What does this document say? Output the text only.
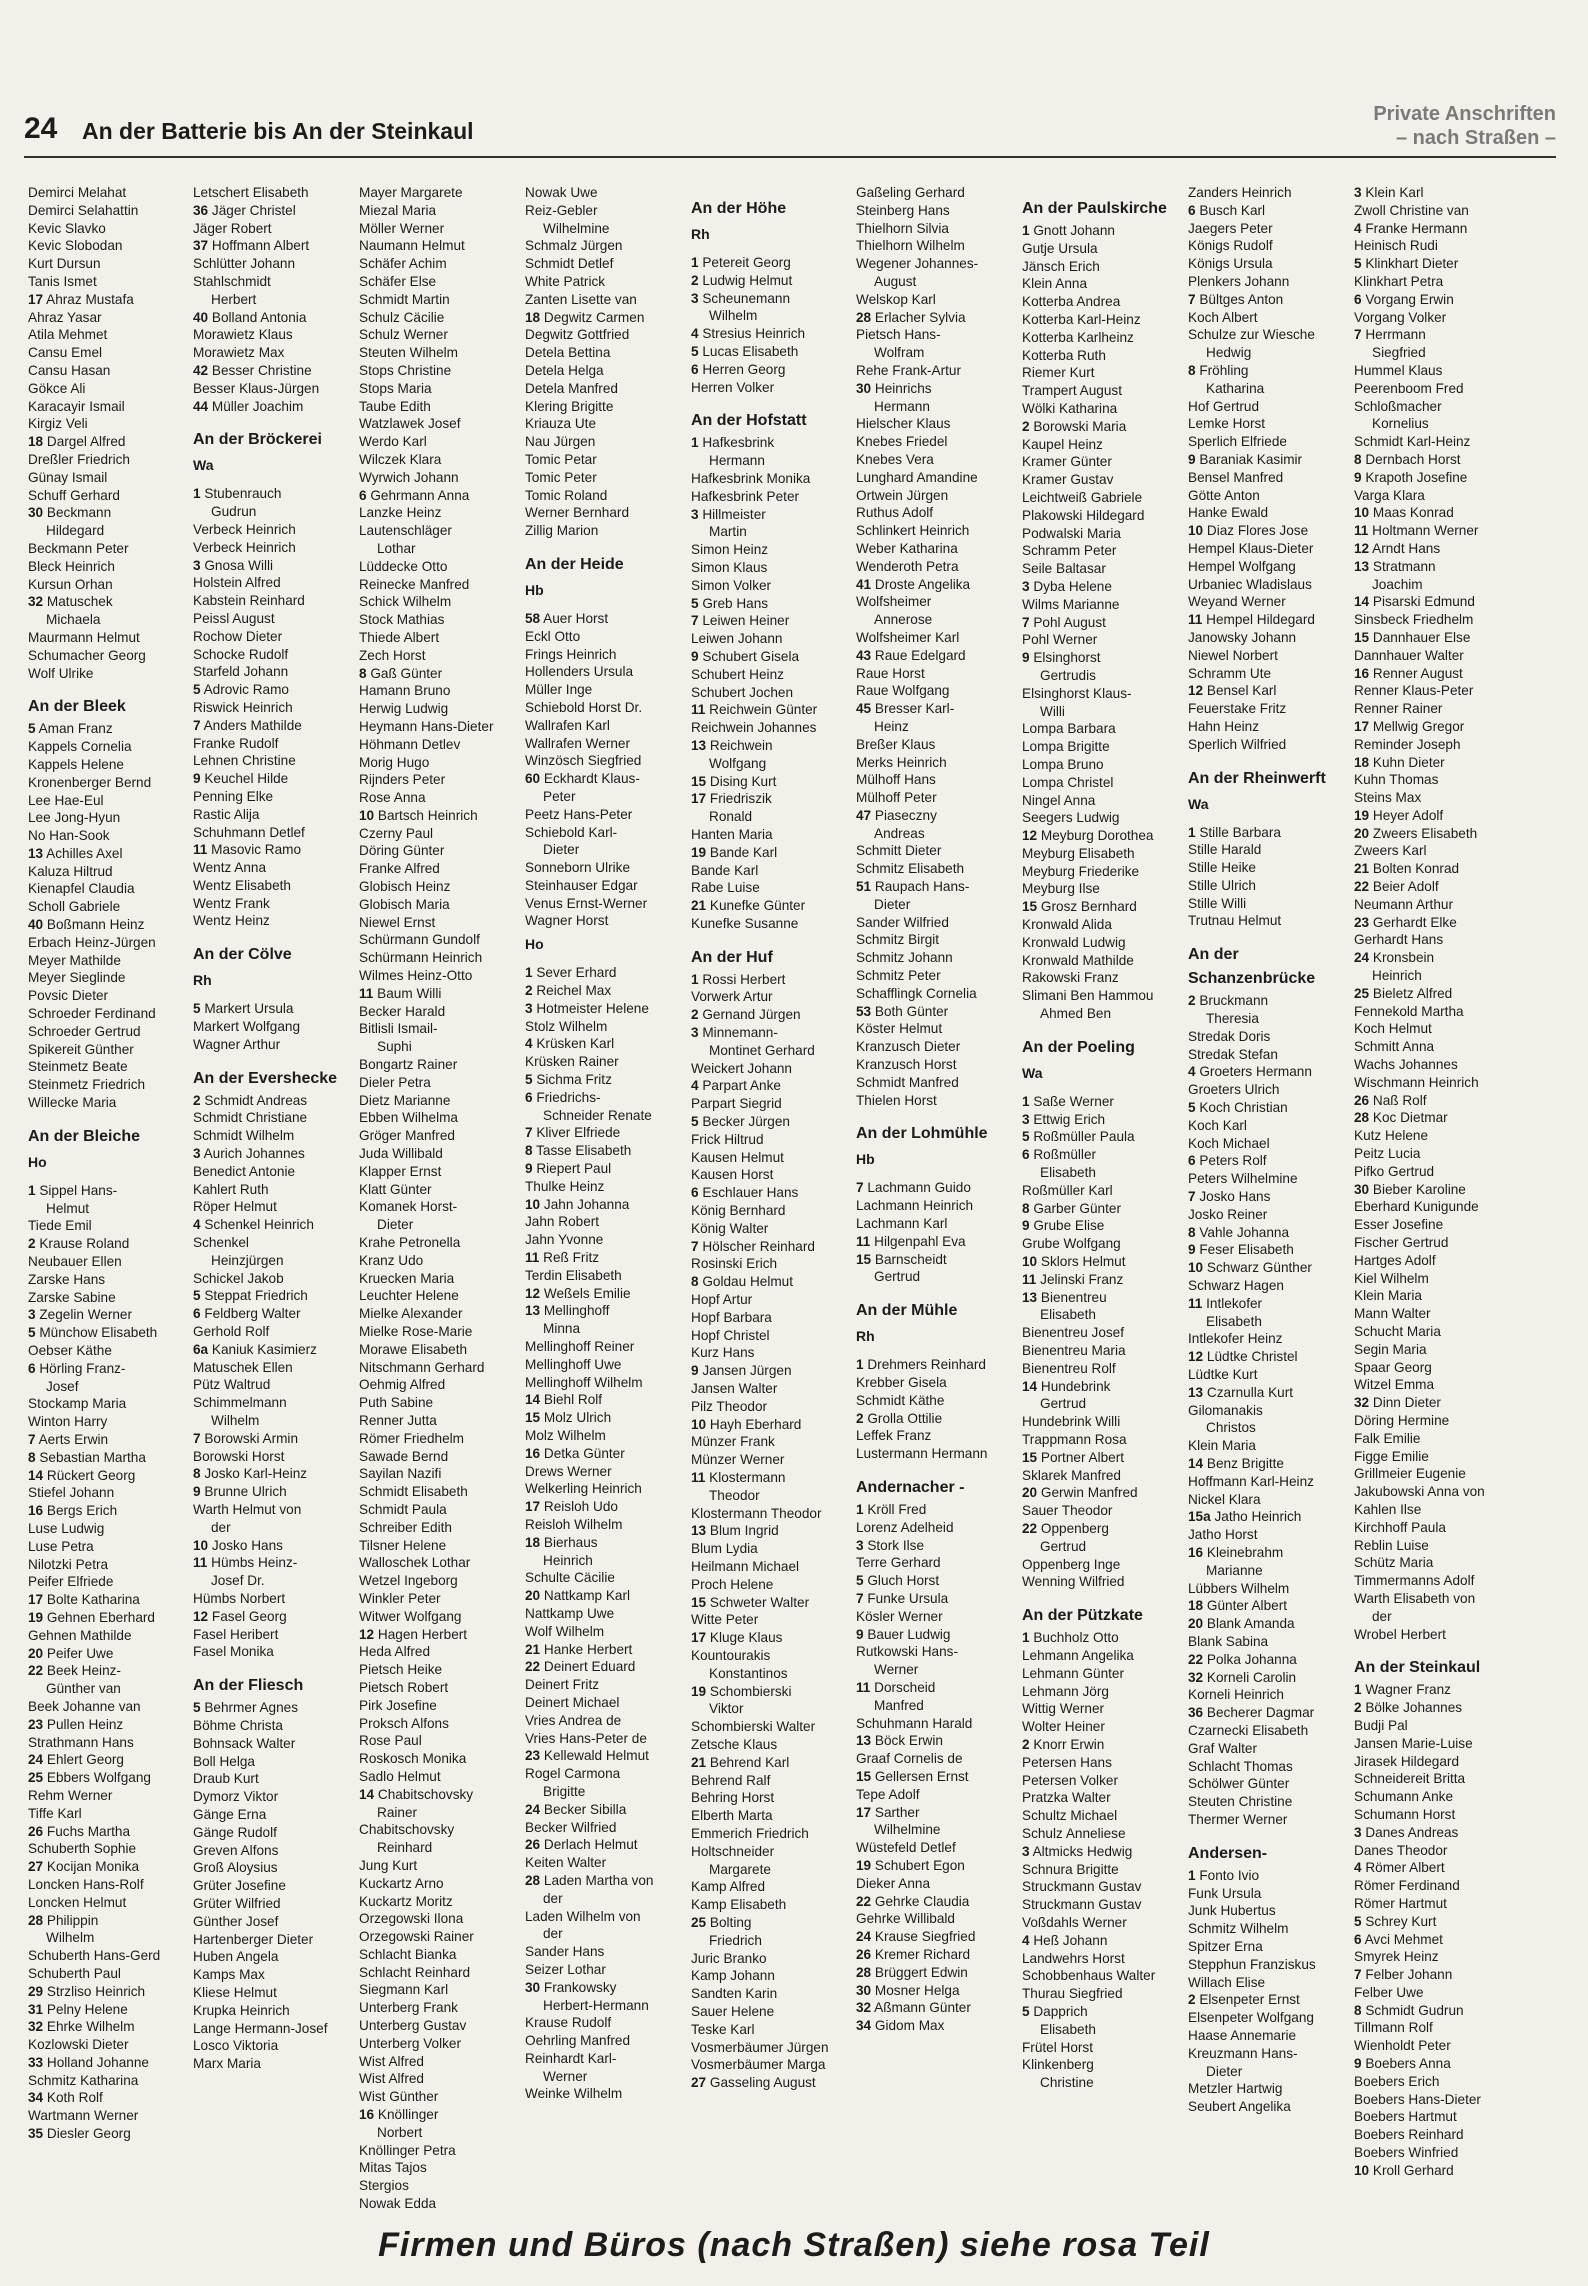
24 An der Batterie bis An der Steinkaul
Private Anschriften
– nach Straßen –
Demirci Melahat
Demirci Selahattin
Kevic Slavko
Kevic Slobodan
Kurt Dursun
Tanis Ismet
17 Ahraz Mustafa
Ahraz Yasar
Atila Mehmet
Cansu Emel
Cansu Hasan
Gökce Ali
Karacayir Ismail
Kirgiz Veli
18 Dargel Alfred
Dreßler Friedrich
Günay Ismail
Schuff Gerhard
30 Beckmann
Hildegard
Beckmann Peter
Bleck Heinrich
Kursun Orhan
32 Matuschek
Michaela
Maurmann Helmut
Schumacher Georg
Wolf Ulrike
An der Bleek
5 Aman Franz
Kappels Cornelia
Kappels Helene
Kronenberger Bernd
Lee Hae-Eul
Lee Jong-Hyun
No Han-Sook
13 Achilles Axel
Kaluza Hiltrud
Kienapfel Claudia
Scholl Gabriele
40 Boßmann Heinz
Erbach Heinz-Jürgen
Meyer Mathilde
Meyer Sieglinde
Povsic Dieter
Schroeder Ferdinand
Schroeder Gertrud
Spikereit Günther
Steinmetz Beate
Steinmetz Friedrich
Willecke Maria
An der Bleiche
Ho
1 Sippel Hans-
Helmut
Tiede Emil
2 Krause Roland
Neubauer Ellen
Zarske Hans
Zarske Sabine
3 Zegelin Werner
5 Münchow Elisabeth
Oebser Käthe
6 Hörling Franz-
Josef
Stockamp Maria
Winton Harry
7 Aerts Erwin
8 Sebastian Martha
14 Rückert Georg
Stiefel Johann
16 Bergs Erich
Luse Ludwig
Luse Petra
Nilotzki Petra
Peifer Elfriede
17 Bolte Katharina
19 Gehnen Eberhard
Gehnen Mathilde
20 Peifer Uwe
22 Beek Heinz-
Günther van
Beek Johanne van
23 Pullen Heinz
Strathmann Hans
24 Ehlert Georg
25 Ebbers Wolfgang
Rehm Werner
Tiffe Karl
26 Fuchs Martha
Schuberth Sophie
27 Kocijan Monika
Loncken Hans-Rolf
Loncken Helmut
28 Philippin
Wilhelm
Schuberth Hans-Gerd
Schuberth Paul
29 Strzliso Heinrich
31 Pelny Helene
32 Ehrke Wilhelm
Kozlowski Dieter
33 Holland Johanne
Schmitz Katharina
34 Koth Rolf
Wartmann Werner
35 Diesler Georg
Letschert Elisabeth
36 Jäger Christel
Jäger Robert
37 Hoffmann Albert
Schlütter Johann
Stahlschmidt
Herbert
40 Bolland Antonia
Morawietz Klaus
Morawietz Max
42 Besser Christine
Besser Klaus-Jürgen
44 Müller Joachim
An der Bröckerei
Wa
1 Stubenrauch
Gudrun
Verbeck Heinrich
Verbeck Heinrich
3 Gnosa Willi
Holstein Alfred
Kabstein Reinhard
Peissl August
Rochow Dieter
Schocke Rudolf
Starfeld Johann
5 Adrovic Ramo
Riswick Heinrich
7 Anders Mathilde
Franke Rudolf
Lehnen Christine
9 Keuchel Hilde
Penning Elke
Rastic Alija
Schuhmann Detlef
11 Masovic Ramo
Wentz Anna
Wentz Elisabeth
Wentz Frank
Wentz Heinz
An der Cölve
Rh
5 Markert Ursula
Markert Wolfgang
Wagner Arthur
An der Evershecke
2 Schmidt Andreas
Schmidt Christiane
Schmidt Wilhelm
3 Aurich Johannes
Benedict Antonie
Kahlert Ruth
Röper Helmut
4 Schenkel Heinrich
Schenkel
Heinzjürgen
Schickel Jakob
5 Steppat Friedrich
6 Feldberg Walter
Gerhold Rolf
6a Kaniuk Kasimierz
Matuschek Ellen
Pütz Waltrud
Schimmelmann
Wilhelm
7 Borowski Armin
Borowski Horst
8 Josko Karl-Heinz
9 Brunne Ulrich
Warth Helmut von
der
10 Josko Hans
11 Hümbs Heinz-
Josef Dr.
Hümbs Norbert
12 Fasel Georg
Fasel Heribert
Fasel Monika
An der Fliesch
5 Behrmer Agnes
Böhme Christa
Bohnsack Walter
Boll Helga
Draub Kurt
Dymorz Viktor
Gänge Erna
Gänge Rudolf
Greven Alfons
Groß Aloysius
Grüter Josefine
Grüter Wilfried
Günther Josef
Hartenberger Dieter
Huben Angela
Kamps Max
Kliese Helmut
Krupka Heinrich
Lange Hermann-Josef
Losco Viktoria
Marx Maria
Mayer Margarete
Miezal Maria
Möller Werner
Naumann Helmut
Schäfer Achim
Schäfer Else
Schmidt Martin
Schulz Cäcilie
Schulz Werner
Steuten Wilhelm
Stops Christine
Stops Maria
Taube Edith
Watzlawek Josef
Werdo Karl
Wilczek Klara
Wyrwich Johann
6 Gehrmann Anna
Lanzke Heinz
Lautenschläger
Lothar
Lüddecke Otto
Reinecke Manfred
Schick Wilhelm
Stock Mathias
Thiede Albert
Zech Horst
8 Gaß Günter
Hamann Bruno
Herwig Ludwig
Heymann Hans-Dieter
Höhmann Detlev
Morig Hugo
Rijnders Peter
Rose Anna
10 Bartsch Heinrich
Czerny Paul
Döring Günter
Franke Alfred
Globisch Heinz
Globisch Maria
Niewel Ernst
Schürmann Gundolf
Schürmann Heinrich
Wilmes Heinz-Otto
11 Baum Willi
Becker Harald
Bitlisli Ismail-
Suphi
Bongartz Rainer
Dieler Petra
Dietz Marianne
Ebben Wilhelma
Gröger Manfred
Juda Willibald
Klapper Ernst
Klatt Günter
Komanek Horst-
Dieter
Krahe Petronella
Kranz Udo
Kruecken Maria
Leuchter Helene
Mielke Alexander
Mielke Rose-Marie
Morawe Elisabeth
Nitschmann Gerhard
Oehmig Alfred
Puth Sabine
Renner Jutta
Römer Friedhelm
Sawade Bernd
Sayilan Nazifi
Schmidt Elisabeth
Schmidt Paula
Schreiber Edith
Tilsner Helene
Walloschek Lothar
Wetzel Ingeborg
Winkler Peter
Witwer Wolfgang
12 Hagen Herbert
Heda Alfred
Pietsch Heike
Pietsch Robert
Pirk Josefine
Proksch Alfons
Rose Paul
Roskosch Monika
Sadlo Helmut
14 Chabitschovsky
Rainer
Chabitschovsky
Reinhard
Jung Kurt
Kuckartz Arno
Kuckartz Moritz
Orzegowski Ilona
Orzegowski Rainer
Schlacht Bianka
Schlacht Reinhard
Siegmann Karl
Unterberg Frank
Unterberg Gustav
Unterberg Volker
Wist Alfred
Wist Alfred
Wist Günther
16 Knöllinger
Norbert
Knöllinger Petra
Mitas Tajos
Stergios
Nowak Edda
Nowak Uwe
Reiz-Gebler
Wilhelmine
Schmalz Jürgen
Schmidt Detlef
White Patrick
Zanten Lisette van
18 Degwitz Carmen
Degwitz Gottfried
Detela Bettina
Detela Helga
Detela Manfred
Klering Brigitte
Kriauza Ute
Nau Jürgen
Tomic Petar
Tomic Peter
Tomic Roland
Werner Bernhard
Zillig Marion
An der Heide
Hb
58 Auer Horst
Eckl Otto
Frings Heinrich
Hollenders Ursula
Müller Inge
Schiebold Horst Dr.
Wallrafen Karl
Wallrafen Werner
Winzösch Siegfried
60 Eckhardt Klaus-
Peter
Peetz Hans-Peter
Schiebold Karl-
Dieter
Sonneborn Ulrike
Steinhauser Edgar
Venus Ernst-Werner
Wagner Horst
Ho
1 Sever Erhard
2 Reichel Max
3 Hotmeister Helene
Stolz Wilhelm
4 Krüsken Karl
Krüsken Rainer
5 Sichma Fritz
6 Friedrichs-
Schneider Renate
7 Kliver Elfriede
8 Tasse Elisabeth
9 Riepert Paul
Thulke Heinz
10 Jahn Johanna
Jahn Robert
Jahn Yvonne
11 Reß Fritz
Terdin Elisabeth
12 Weßels Emilie
13 Mellinghoff
Minna
Mellinghoff Reiner
Mellinghoff Uwe
Mellinghoff Wilhelm
14 Biehl Rolf
15 Molz Ulrich
Molz Wilhelm
16 Detka Günter
Drews Werner
Welkerling Heinrich
17 Reisloh Udo
Reisloh Wilhelm
18 Bierhaus
Heinrich
Schulte Cäcilie
20 Nattkamp Karl
Nattkamp Uwe
Wolf Wilhelm
21 Hanke Herbert
22 Deinert Eduard
Deinert Fritz
Deinert Michael
Vries Andrea de
Vries Hans-Peter de
23 Kellewald Helmut
Rogel Carmona
Brigitte
24 Becker Sibilla
Becker Wilfried
26 Derlach Helmut
Keiten Walter
28 Laden Martha von
der
Laden Wilhelm von
der
Sander Hans
Seizer Lothar
30 Frankowsky
Herbert-Hermann
Krause Rudolf
Oehrling Manfred
Reinhardt Karl-
Werner
Weinke Wilhelm
An der Höhe
Rh
1 Petereit Georg
2 Ludwig Helmut
3 Scheunemann
Wilhelm
4 Stresius Heinrich
5 Lucas Elisabeth
6 Herren Georg
Herren Volker
An der Hofstatt
1 Hafkesbrink
Hermann
Hafkesbrink Monika
Hafkesbrink Peter
3 Hillmeister
Martin
Simon Heinz
Simon Klaus
Simon Volker
5 Greb Hans
7 Leiwen Heiner
Leiwen Johann
9 Schubert Gisela
Schubert Heinz
Schubert Jochen
11 Reichwein Günter
Reichwein Johannes
13 Reichwein
Wolfgang
15 Dising Kurt
17 Friedriszik
Ronald
Hanten Maria
19 Bande Karl
Bande Karl
Rabe Luise
21 Kunefke Günter
Kunefke Susanne
An der Huf
1 Rossi Herbert
Vorwerk Artur
2 Gernand Jürgen
3 Minnemann-
Montinet Gerhard
Weickert Johann
4 Parpart Anke
Parpart Siegrid
5 Becker Jürgen
Frick Hiltrud
Kausen Helmut
Kausen Horst
6 Eschlauer Hans
König Bernhard
König Walter
7 Hölscher Reinhard
Rosinski Erich
8 Goldau Helmut
Hopf Artur
Hopf Barbara
Hopf Christel
Kurz Hans
9 Jansen Jürgen
Jansen Walter
Pilz Theodor
10 Hayh Eberhard
Münzer Frank
Münzer Werner
11 Klostermann
Theodor
Klostermann Theodor
13 Blum Ingrid
Blum Lydia
Heilmann Michael
Proch Helene
15 Schweter Walter
Witte Peter
17 Kluge Klaus
Kountourakis
Konstantinos
19 Schombierski
Viktor
Schombierski Walter
Zetsche Klaus
21 Behrend Karl
Behrend Ralf
Behring Horst
Elberth Marta
Emmerich Friedrich
Holtschneider
Margarete
Kamp Alfred
Kamp Elisabeth
25 Bolting
Friedrich
Juric Branko
Kamp Johann
Sandten Karin
Sauer Helene
Teske Karl
Vosmerbäumer Jürgen
Vosmerbäumer Marga
27 Gasseling August
Gaßeling Gerhard
Steinberg Hans
Thielhorn Silvia
Thielhorn Wilhelm
Wegener Johannes-
August
Welskop Karl
28 Erlacher Sylvia
Pietsch Hans-
Wolfram
Rehe Frank-Artur
30 Heinrichs
Hermann
Hielscher Klaus
Knebes Friedel
Knebes Vera
Lunghard Amandine
Ortwein Jürgen
Ruthus Adolf
Schlinkert Heinrich
Weber Katharina
Wenderoth Petra
41 Droste Angelika
Wolfsheimer
Annerose
Wolfsheimer Karl
43 Raue Edelgard
Raue Horst
Raue Wolfgang
45 Bresser Karl-
Heinz
Breßer Klaus
Merks Heinrich
Mülhoff Hans
Mülhoff Peter
47 Piaseczny
Andreas
Schmitt Dieter
Schmitz Elisabeth
51 Raupach Hans-
Dieter
Sander Wilfried
Schmitz Birgit
Schmitz Johann
Schmitz Peter
Schafflingk Cornelia
53 Both Günter
Köster Helmut
Kranzusch Dieter
Kranzusch Horst
Schmidt Manfred
Thielen Horst
An der Lohmühle
Hb
7 Lachmann Guido
Lachmann Heinrich
Lachmann Karl
11 Hilgenpahl Eva
15 Barnscheidt
Gertrud
An der Mühle
Rh
1 Drehmers Reinhard
Krebber Gisela
Schmidt Käthe
2 Grolla Ottilie
Leffek Franz
Lustermann Hermann
Andernacher -
1 Kröll Fred
Lorenz Adelheid
3 Stork Ilse
Terre Gerhard
5 Gluch Horst
7 Funke Ursula
Kösler Werner
9 Bauer Ludwig
Rutkowski Hans-
Werner
11 Dorscheid
Manfred
Schuhmann Harald
13 Böck Erwin
Graaf Cornelis de
15 Gellersen Ernst
Tepe Adolf
17 Sarther
Wilhelmine
Wüstefeld Detlef
19 Schubert Egon
Dieker Anna
22 Gehrke Claudia
Gehrke Willibald
24 Krause Siegfried
26 Kremer Richard
28 Brüggert Edwin
30 Mosner Helga
32 Aßmann Günter
34 Gidom Max
An der Paulskirche
1 Gnott Johann
Gutje Ursula
Jänsch Erich
Klein Anna
Kotterba Andrea
Kotterba Karl-Heinz
Kotterba Karlheinz
Kotterba Ruth
Riemer Kurt
Trampert August
Wölki Katharina
2 Borowski Maria
Kaupel Heinz
Kramer Günter
Kramer Gustav
Leichtweiß Gabriele
Plakowski Hildegard
Podwalski Maria
Schramm Peter
Seile Baltasar
3 Dyba Helene
Wilms Marianne
7 Pohl August
Pohl Werner
9 Elsinghorst
Gertrudis
Elsinghorst Klaus-
Willi
Lompa Barbara
Lompa Brigitte
Lompa Bruno
Lompa Christel
Ningel Anna
Seegers Ludwig
12 Meyburg Dorothea
Meyburg Elisabeth
Meyburg Friederike
Meyburg Ilse
15 Grosz Bernhard
Kronwald Alida
Kronwald Ludwig
Kronwald Mathilde
Rakowski Franz
Slimani Ben Hammou
Ahmed Ben
An der Poeling
Wa
1 Saße Werner
3 Ettwig Erich
5 Roßmüller Paula
6 Roßmüller
Elisabeth
Roßmüller Karl
8 Garber Günter
9 Grube Elise
Grube Wolfgang
10 Sklors Helmut
11 Jelinski Franz
13 Bienentreu
Elisabeth
Bienentreu Josef
Bienentreu Maria
Bienentreu Rolf
14 Hundebrink
Gertrud
Hundebrink Willi
Trappmann Rosa
15 Portner Albert
Sklarek Manfred
20 Gerwin Manfred
Sauer Theodor
22 Oppenberg
Gertrud
Oppenberg Inge
Wenning Wilfried
An der Pützkate
1 Buchholz Otto
Lehmann Angelika
Lehmann Günter
Lehmann Jörg
Wittig Werner
Wolter Heiner
2 Knorr Erwin
Petersen Hans
Petersen Volker
Pratzka Walter
Schultz Michael
Schulz Anneliese
3 Altmicks Hedwig
Schnura Brigitte
Struckmann Gustav
Struckmann Gustav
Voßdahls Werner
4 Heß Johann
Landwehrs Horst
Schobbenhaus Walter
Thurau Siegfried
5 Dapprich
Elisabeth
Frütel Horst
Klinkenberg
Christine
Zanders Heinrich
6 Busch Karl
Jaegers Peter
Königs Rudolf
Königs Ursula
Plenkers Johann
7 Bültges Anton
Koch Albert
Schulze zur Wiesche
Hedwig
8 Fröhling
Katharina
Hof Gertrud
Lemke Horst
Sperlich Elfriede
9 Baraniak Kasimir
Bensel Manfred
Götte Anton
Hanke Ewald
10 Diaz Flores Jose
Hempel Klaus-Dieter
Hempel Wolfgang
Urbaniec Wladislaus
Weyand Werner
11 Hempel Hildegard
Janowsky Johann
Niewel Norbert
Schramm Ute
12 Bensel Karl
Feuerstake Fritz
Hahn Heinz
Sperlich Wilfried
An der Rheinwerft
Wa
1 Stille Barbara
Stille Harald
Stille Heike
Stille Ulrich
Stille Willi
Trutnau Helmut
An der
Schanzenbrücke
2 Bruckmann
Theresia
Stredak Doris
Stredak Stefan
4 Groeters Hermann
Groeters Ulrich
5 Koch Christian
Koch Karl
Koch Michael
6 Peters Rolf
Peters Wilhelmine
7 Josko Hans
Josko Reiner
8 Vahle Johanna
9 Feser Elisabeth
10 Schwarz Günther
Schwarz Hagen
11 Intlekofer
Elisabeth
Intlekofer Heinz
12 Lüdtke Christel
Lüdtke Kurt
13 Czarnulla Kurt
Gilomanakis
Christos
Klein Maria
14 Benz Brigitte
Hoffmann Karl-Heinz
Nickel Klara
15a Jatho Heinrich
Jatho Horst
16 Kleinebrahm
Marianne
Lübbers Wilhelm
18 Günter Albert
20 Blank Amanda
Blank Sabina
22 Polka Johanna
32 Korneli Carolin
Korneli Heinrich
36 Becherer Dagmar
Czarnecki Elisabeth
Graf Walter
Schlacht Thomas
Schölwer Günter
Steuten Christine
Thermer Werner
Andersen-
1 Fonto Ivio
Funk Ursula
Junk Hubertus
Schmitz Wilhelm
Spitzer Erna
Stepphun Franziskus
Willach Elise
2 Elsenpeter Ernst
Elsenpeter Wolfgang
Haase Annemarie
Kreuzmann Hans-
Dieter
Metzler Hartwig
Seubert Angelika
3 Klein Karl
Zwoll Christine van
4 Franke Hermann
Heinisch Rudi
5 Klinkhart Dieter
Klinkhart Petra
6 Vorgang Erwin
Vorgang Volker
7 Herrmann
Siegfried
Hummel Klaus
Peerenboom Fred
Schloßmacher
Kornelius
Schmidt Karl-Heinz
8 Dernbach Horst
9 Krapoth Josefine
Varga Klara
10 Maas Konrad
11 Holtmann Werner
12 Arndt Hans
13 Stratmann
Joachim
14 Pisarski Edmund
Sinsbeck Friedhelm
15 Dannhauer Else
Dannhauer Walter
16 Renner August
Renner Klaus-Peter
Renner Rainer
17 Mellwig Gregor
Reminder Joseph
18 Kuhn Dieter
Kuhn Thomas
Steins Max
19 Heyer Adolf
20 Zweers Elisabeth
Zweers Karl
21 Bolten Konrad
22 Beier Adolf
Neumann Arthur
23 Gerhardt Elke
Gerhardt Hans
24 Kronsbein
Heinrich
25 Bieletz Alfred
Fennekold Martha
Koch Helmut
Schmitt Anna
Wachs Johannes
Wischmann Heinrich
26 Naß Rolf
28 Koc Dietmar
Kutz Helene
Peitz Lucia
Pifko Gertrud
30 Bieber Karoline
Eberhard Kunigunde
Esser Josefine
Fischer Gertrud
Hartges Adolf
Kiel Wilhelm
Klein Maria
Mann Walter
Schucht Maria
Segin Maria
Spaar Georg
Witzel Emma
32 Dinn Dieter
Döring Hermine
Falk Emilie
Figge Emilie
Grillmeier Eugenie
Jakubowski Anna von
Kahlen Ilse
Kirchhoff Paula
Reblin Luise
Schütz Maria
Timmermanns Adolf
Warth Elisabeth von
der
Wrobel Herbert
An der Steinkaul
1 Wagner Franz
2 Bölke Johannes
Budji Pal
Jansen Marie-Luise
Jirasek Hildegard
Schneidereit Britta
Schumann Anke
Schumann Horst
3 Danes Andreas
Danes Theodor
4 Römer Albert
Römer Ferdinand
Römer Hartmut
5 Schrey Kurt
6 Avci Mehmet
Smyrek Heinz
7 Felber Johann
Felber Uwe
8 Schmidt Gudrun
Tillmann Rolf
Wienholdt Peter
9 Boebers Anna
Boebers Erich
Boebers Hans-Dieter
Boebers Hartmut
Boebers Reinhard
Boebers Winfried
10 Kroll Gerhard
Firmen und Büros (nach Straßen) siehe rosa Teil
